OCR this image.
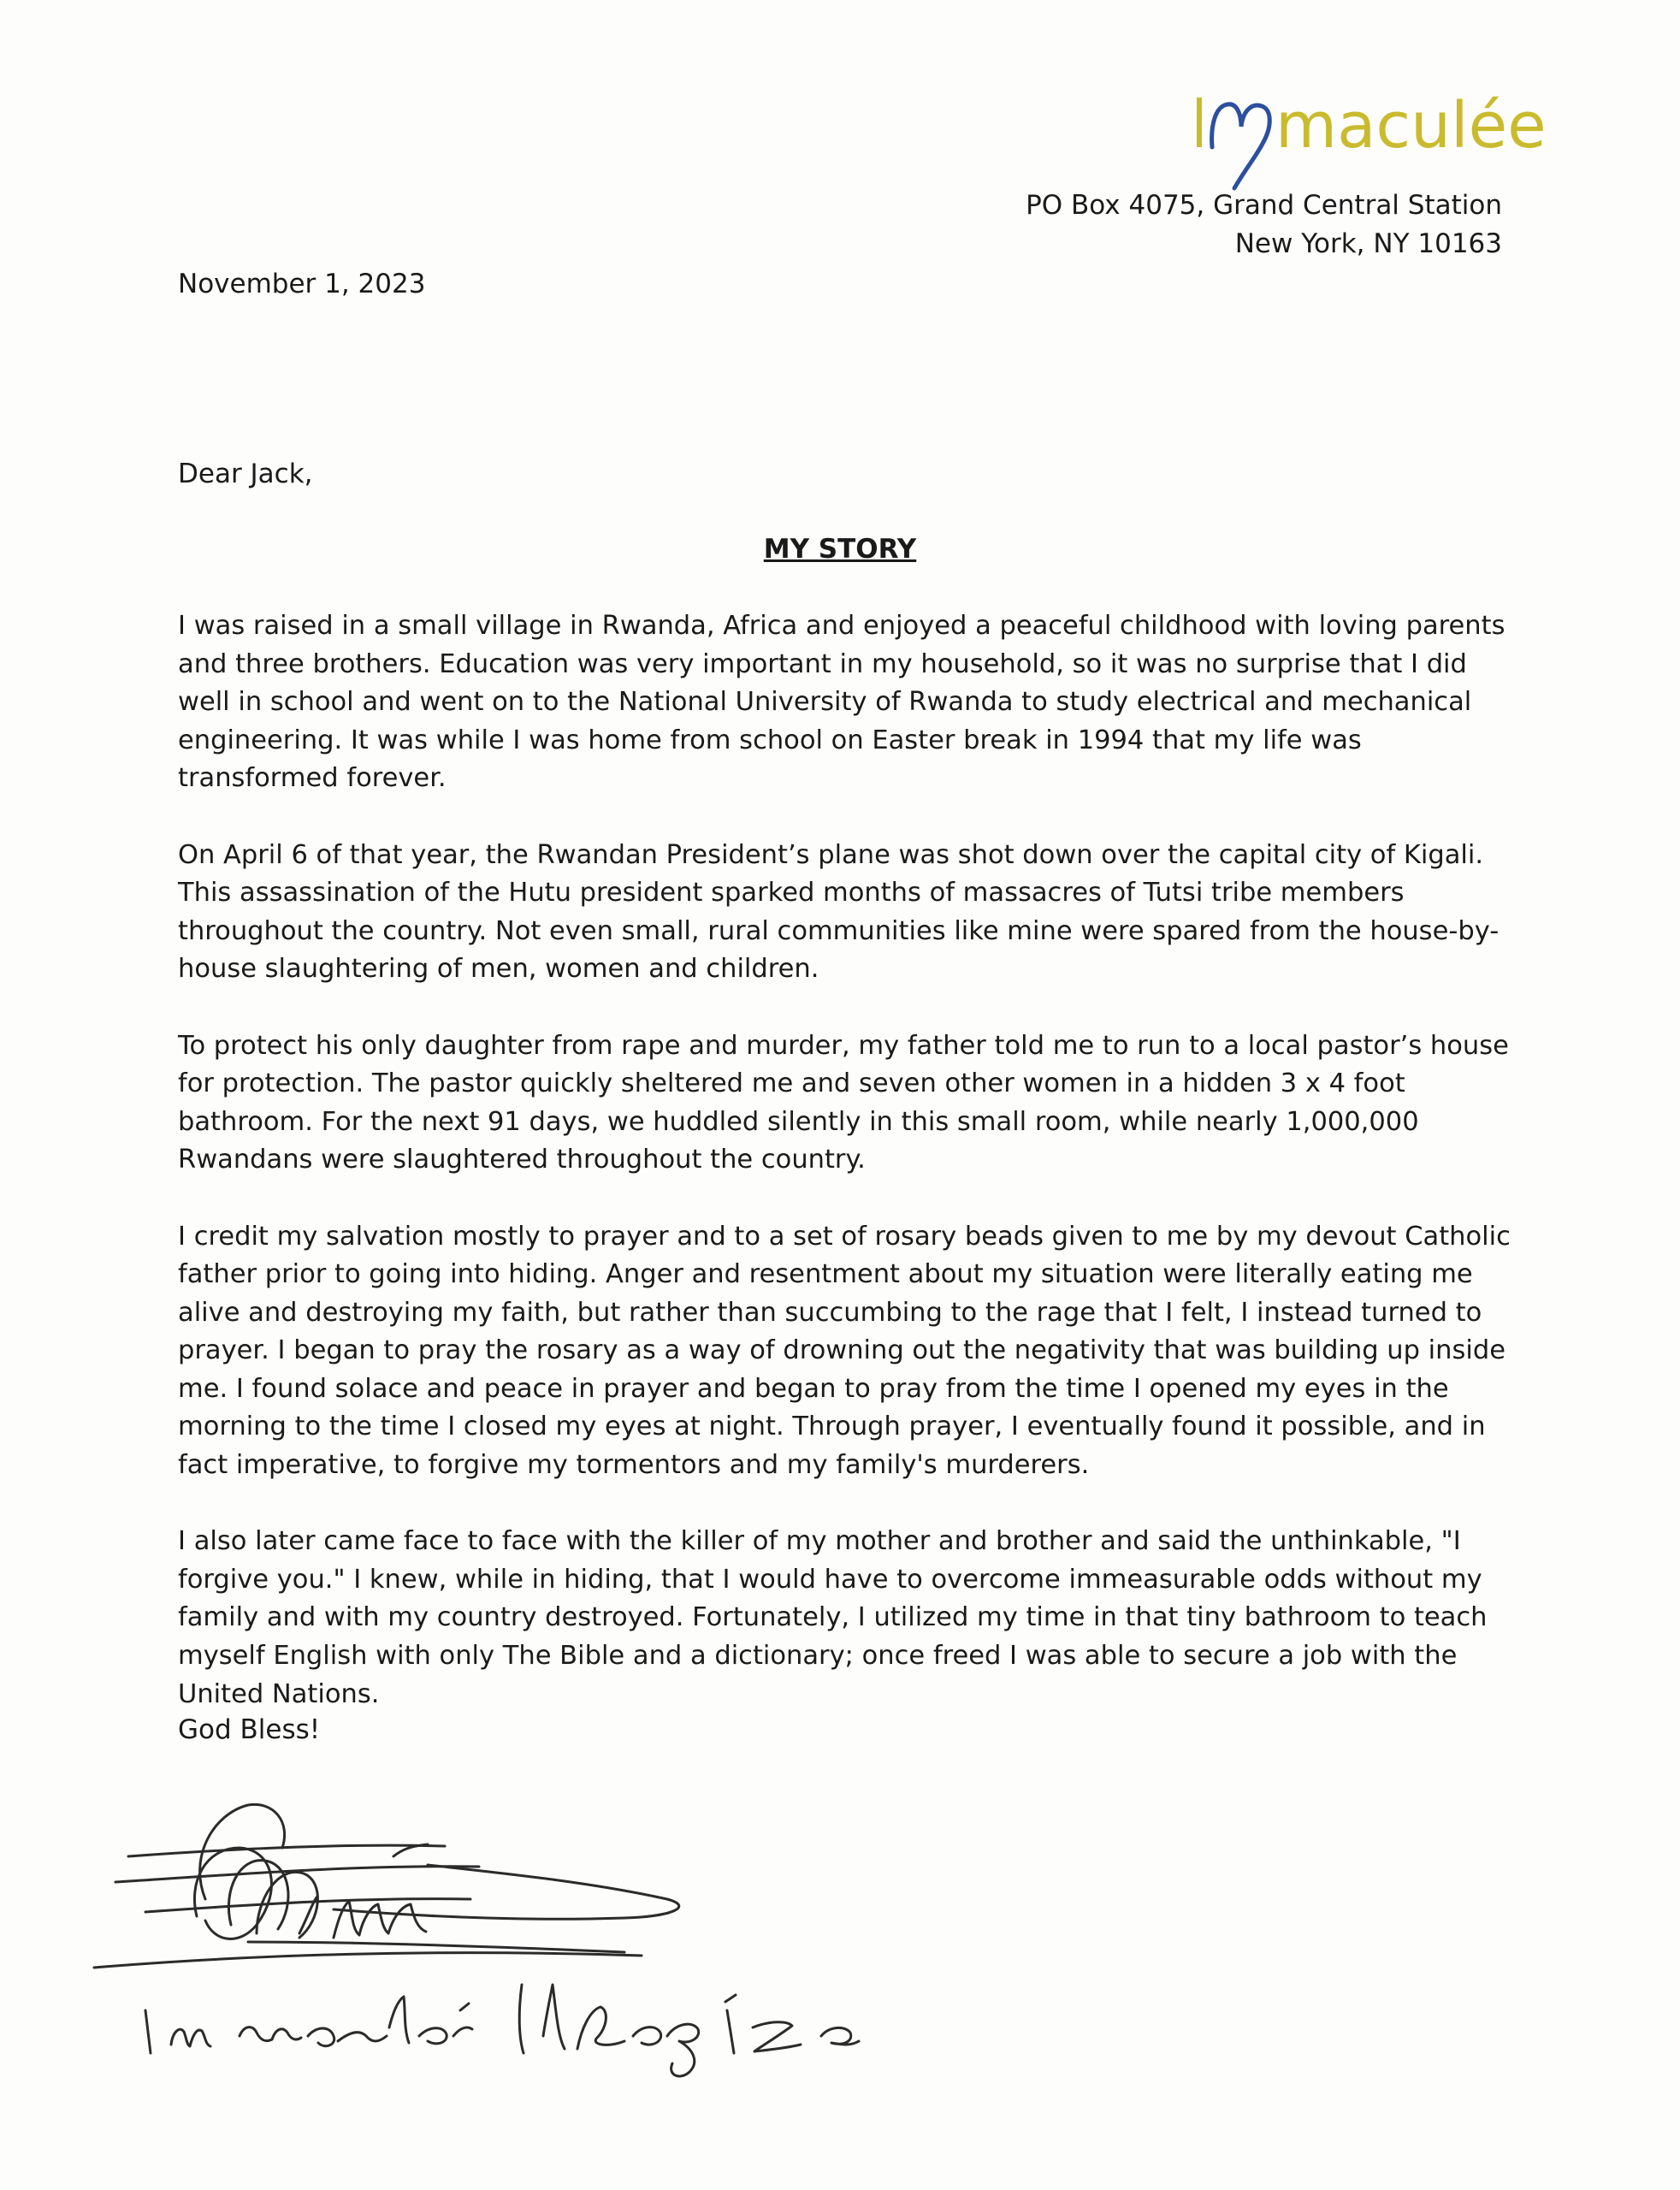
maculée
PO Box 4075, Grand Central Station
New York, NY 10163
November 1, 2023
Dear Jack,
MY STORY

I was raised in a small village in Rwanda, Africa and enjoyed a peaceful childhood with loving parents and three brothers. Education was very important in my household, so it was no surprise that I did well in school and went on to the National University of Rwanda to study electrical and mechanical engineering. It was while I was home from school on Easter break in 1994 that my life was transformed forever.

On April 6 of that year, the Rwandan President’s plane was shot down over the capital city of Kigali. This assassination of the Hutu president sparked months of massacres of Tutsi tribe members throughout the country. Not even small, rural communities like mine were spared from the house-by-house slaughtering of men, women and children.

To protect his only daughter from rape and murder, my father told me to run to a local pastor’s house for protection. The pastor quickly sheltered me and seven other women in a hidden 3 x 4 foot bathroom. For the next 91 days, we huddled silently in this small room, while nearly 1,000,000 Rwandans were slaughtered throughout the country.

I credit my salvation mostly to prayer and to a set of rosary beads given to me by my devout Catholic father prior to going into hiding. Anger and resentment about my situation were literally eating me alive and destroying my faith, but rather than succumbing to the rage that I felt, I instead turned to prayer. I began to pray the rosary as a way of drowning out the negativity that was building up inside me. I found solace and peace in prayer and began to pray from the time I opened my eyes in the morning to the time I closed my eyes at night. Through prayer, I eventually found it possible, and in fact imperative, to forgive my tormentors and my family's murderers.

I also later came face to face with the killer of my mother and brother and said the unthinkable, "I forgive you." I knew, while in hiding, that I would have to overcome immeasurable odds without my family and with my country destroyed. Fortunately, I utilized my time in that tiny bathroom to teach myself English with only The Bible and a dictionary; once freed I was able to secure a job with the United Nations.

God Bless!
